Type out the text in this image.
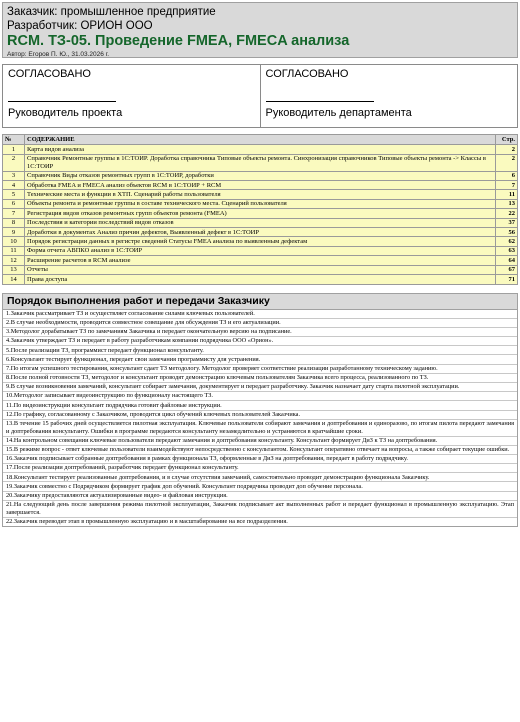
Заказчик: промышленное предприятие
Разработчик: ОРИОН ООО
RCM. ТЗ-05. Проведение FMEA, FMECA анализа
Автор: Егоров П. Ю., 31.03.2026 г.
СОГЛАСОВАНО
Руководитель проекта
СОГЛАСОВАНО
Руководитель департамента
№	СОДЕРЖАНИЕ	Стр.
1	Карта видов анализа	2
2	Справочник Ремонтные группы в 1С:ТОИР. Доработка справочника Типовые объекты ремонта. Синхронизация справочников Типовые объекты ремонта -> Классы в 1С:ТОИР	2
3	Справочник Виды отказов ремонтных групп в 1С:ТОИР, доработки	6
4	Обработка FMEA и FMECA анализ объектов RCM в 1С:ТОИР + RCM	7
5	Технические места и функции в ХТП. Сценарий работы пользователя	11
6	Объекты ремонта и ремонтные группы в составе технического места. Сценарий пользователя	13
7	Регистрация видов отказов ремонтных групп объектов ремонта (FMEA)	22
8	Последствия и категории последствий видов отказов	37
9	Доработки в документах Анализ причин дефектов, Выявленный дефект в 1С:ТОИР	56
10	Порядок регистрации данных в регистре сведений Статусы FMEA анализа по выявленным дефектам	62
11	Форма отчета АВПКО анализ в 1С:ТОИР	63
12	Расширение расчетов в RCM анализе	64
13	Отчеты	67
14	Права доступа	71
Порядок выполнения работ и передачи Заказчику
1.Заказчик рассматривает ТЗ и осуществляет согласование силами ключевых пользователей.
2.В случае необходимости, проводится совместное совещание для обсуждения ТЗ и его актуализации.
3.Методолог дорабатывает ТЗ по замечаниям Заказчика и передает окончательную версию на подписание.
4.Заказчик утверждает ТЗ и передает в работу разработчикам компании подрядчика ООО «Орион».
5.После реализации ТЗ, программист передает функционал консультанту.
6.Консультант тестирует функционал, передает свои замечания программисту для устранения.
7.По итогам успешного тестирования, консультант сдает ТЗ методологу. Методолог проверяет соответствие реализации разработанному техническому заданию.
8.После полной готовности ТЗ, методолог и консультант проводят демонстрацию ключевым пользователям Заказчика всего процесса, реализованного по ТЗ.
9.В случае возникновения замечаний, консультант собирает замечания, документирует и передает разработчику. Заказчик назначает дату старта пилотной эксплуатации.
10.Методолог записывает видеоинструкцию по функционалу настоящего ТЗ.
11.По видеоинструкции консультант подрядчика готовит файловые инструкции.
12.По графику, согласованному с Заказчиком, проводится цикл обучений ключевых пользователей Заказчика.
13.В течение 15 рабочих дней осуществляется пилотная эксплуатация. Ключевые пользователи собирают замечания и доптребования и единоразово, по итогам пилота передают замечания и доптребования консультанту. Ошибки в программе передаются консультанту незамедлительно и устраняются в кратчайшие сроки.
14.На контрольном совещании ключевые пользователи передают замечания и доптребования консультанту. Консультант формирует ДиЗ к ТЗ на доптребования.
15.В режиме вопрос - ответ ключевые пользователи взаимодействуют непосредственно с консультантом. Консультант оперативно отвечает на вопросы, а также собирает текущие ошибки.
16.Заказчик подписывает собранные доптребования в рамках функционала ТЗ, оформленные в ДиЗ на доптребования, передает в работу подрядчику.
17.После реализации доптребований, разработчик передает функционал консультанту.
18.Консультант тестирует реализованные доптребования, и в случае отсутствия замечаний, самостоятельно проводит демонстрацию функционала Заказчику.
19.Заказчик совместно с Подрядчиком формирует график доп обучений. Консультант подрядчика проводит доп обучение персонала.
20.Заказчику предоставляются актуализированные видео- и файловая инструкция.
21.На следующий день после завершения режима пилотной эксплуатации, Заказчик подписывает акт выполненных работ и передает функционал в промышленную эксплуатацию. Этап завершается.
22.Заказчик переводит этап в промышленную эксплуатацию и в масштабирование на все подразделения.
